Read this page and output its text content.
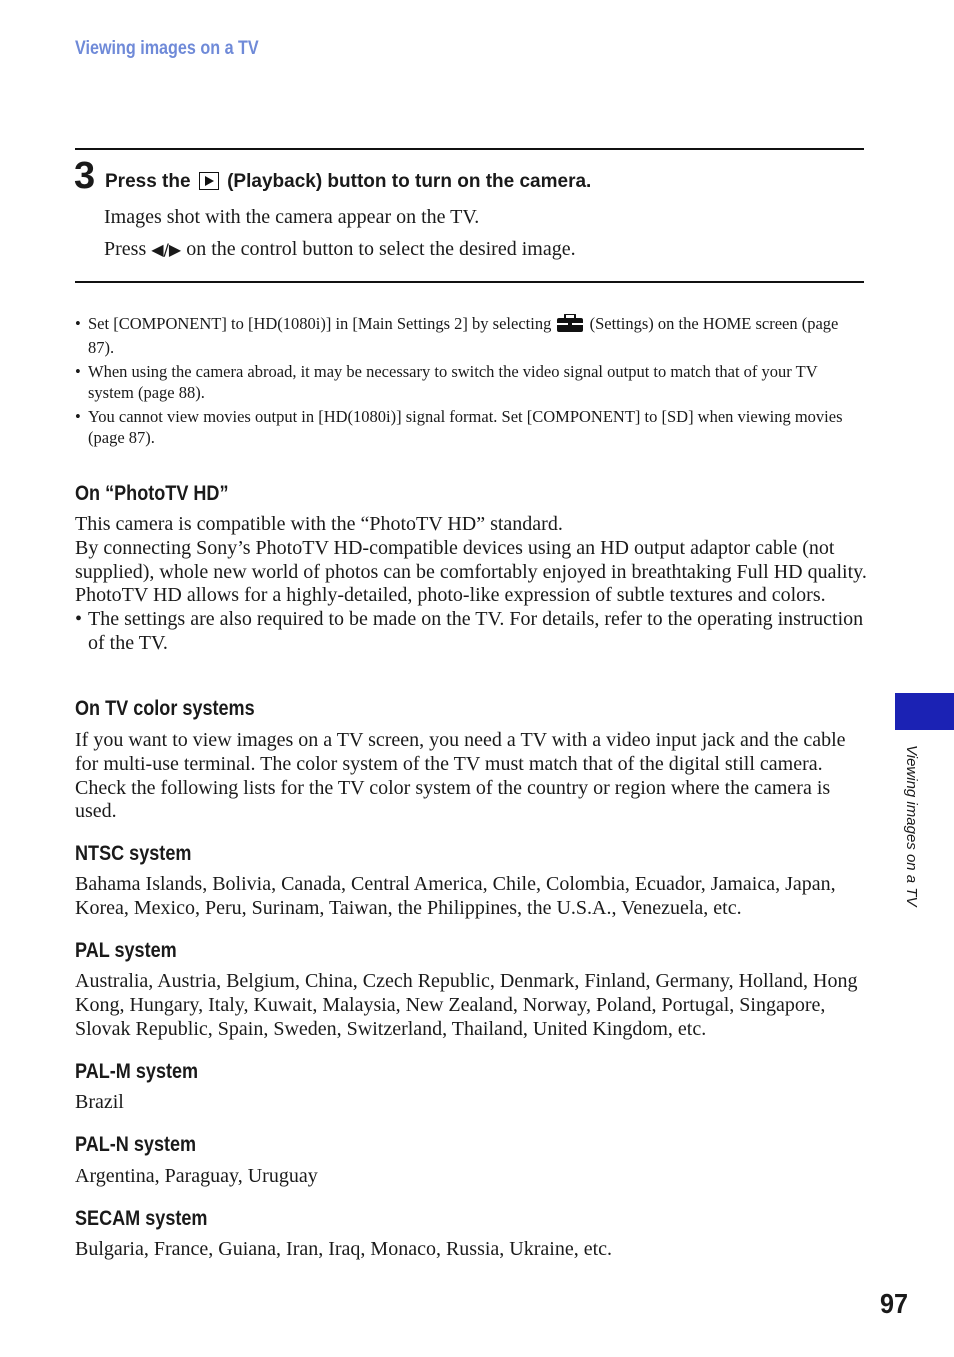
Viewing images on a TV
3 Press the (Playback) button to turn on the camera.
Images shot with the camera appear on the TV.
Press ◀/▶ on the control button to select the desired image.
• Set [COMPONENT] to [HD(1080i)] in [Main Settings 2] by selecting (Settings) on the HOME screen (page 87).
• When using the camera abroad, it may be necessary to switch the video signal output to match that of your TV system (page 88).
• You cannot view movies output in [HD(1080i)] signal format. Set [COMPONENT] to [SD] when viewing movies (page 87).
On “PhotoTV HD”

This camera is compatible with the “PhotoTV HD” standard.

By connecting Sony’s PhotoTV HD-compatible devices using an HD output adaptor cable (not supplied), whole new world of photos can be comfortably enjoyed in breathtaking Full HD quality.

PhotoTV HD allows for a highly-detailed, photo-like expression of subtle textures and colors.

• The settings are also required to be made on the TV. For details, refer to the operating instruction of the TV.

On TV color systems
If you want to view images on a TV screen, you need a TV with a video input jack and the cable for multi-use terminal. The color system of the TV must match that of the digital still camera. Check the following lists for the TV color system of the country or region where the camera is used.
NTSC system
Bahama Islands, Bolivia, Canada, Central America, Chile, Colombia, Ecuador, Jamaica, Japan, Korea, Mexico, Peru, Surinam, Taiwan, the Philippines, the U.S.A., Venezuela, etc.
PAL system
Australia, Austria, Belgium, China, Czech Republic, Denmark, Finland, Germany, Holland, Hong Kong, Hungary, Italy, Kuwait, Malaysia, New Zealand, Norway, Poland, Portugal, Singapore, Slovak Republic, Spain, Sweden, Switzerland, Thailand, United Kingdom, etc.
PAL-M system
Brazil
PAL-N system
Argentina, Paraguay, Uruguay
SECAM system
Bulgaria, France, Guiana, Iran, Iraq, Monaco, Russia, Ukraine, etc.
Viewing images on a TV
97
